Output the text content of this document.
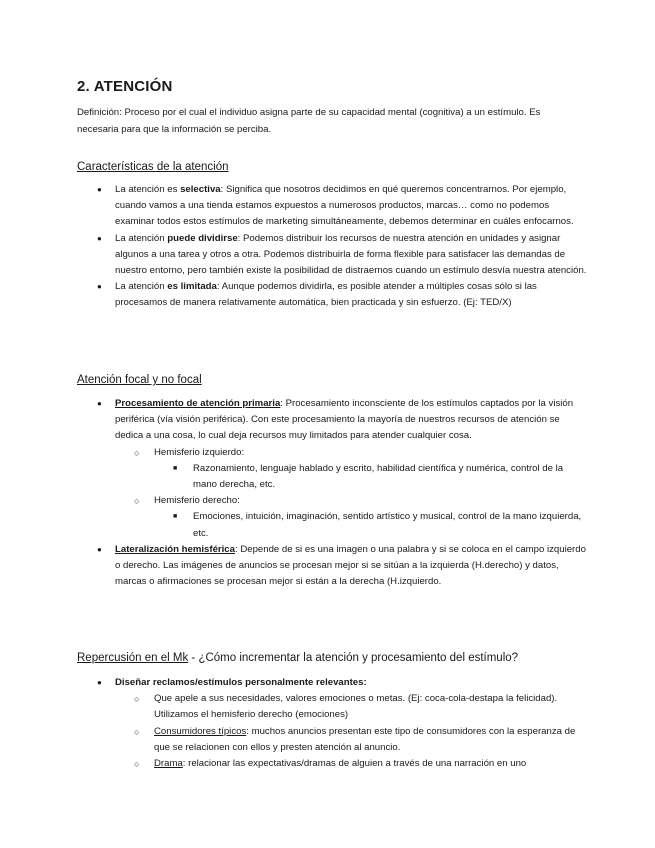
2. ATENCIÓN

Definición: Proceso por el cual el individuo asigna parte de su capacidad mental (cognitiva) a un estímulo. Es necesaria para que la información se perciba.

Características de la atención

● La atención es selectiva: Significa que nosotros decidimos en qué queremos concentrarnos. Por ejemplo, cuando vamos a una tienda estamos expuestos a numerosos productos, marcas… como no podemos examinar todos estos estímulos de marketing simultáneamente, debemos determinar en cuáles enfocarnos.
● La atención puede dividirse: Podemos distribuir los recursos de nuestra atención en unidades y asignar algunos a una tarea y otros a otra. Podemos distribuirla de forma flexible para satisfacer las demandas de nuestro entorno, pero también existe la posibilidad de distraernos cuando un estímulo desvía nuestra atención.
● La atención es limitada: Aunque podemos dividirla, es posible atender a múltiples cosas sólo si las procesamos de manera relativamente automática, bien practicada y sin esfuerzo. (Ej: TED/X)

Atención focal y no focal

● Procesamiento de atención primaria: Procesamiento inconsciente de los estímulos captados por la visión periférica (vía visión periférica). Con este procesamiento la mayoría de nuestros recursos de atención se dedica a una cosa, lo cual deja recursos muy limitados para atender cualquier cosa.
○ Hemisferio izquierdo:
■ Razonamiento, lenguaje hablado y escrito, habilidad científica y numérica, control de la mano derecha, etc.
○ Hemisferio derecho:
■ Emociones, intuición, imaginación, sentido artístico y musical, control de la mano izquierda, etc.
● Lateralización hemisférica: Depende de si es una imagen o una palabra y si se coloca en el campo izquierdo o derecho. Las imágenes de anuncios se procesan mejor si se sitúan a la izquierda (H.derecho) y datos, marcas o afirmaciones se procesan mejor si están a la derecha (H.izquierdo.

Repercusión en el Mk - ¿Cómo incrementar la atención y procesamiento del estímulo?

● Diseñar reclamos/estímulos personalmente relevantes:
○ Que apele a sus necesidades, valores emociones o metas. (Ej: coca-cola-destapa la felicidad). Utilizamos el hemisferio derecho (emociones)
○ Consumidores típicos: muchos anuncios presentan este tipo de consumidores con la esperanza de que se relacionen con ellos y presten atención al anuncio.
○ Drama: relacionar las expectativas/dramas de alguien a través de una narración en uno
